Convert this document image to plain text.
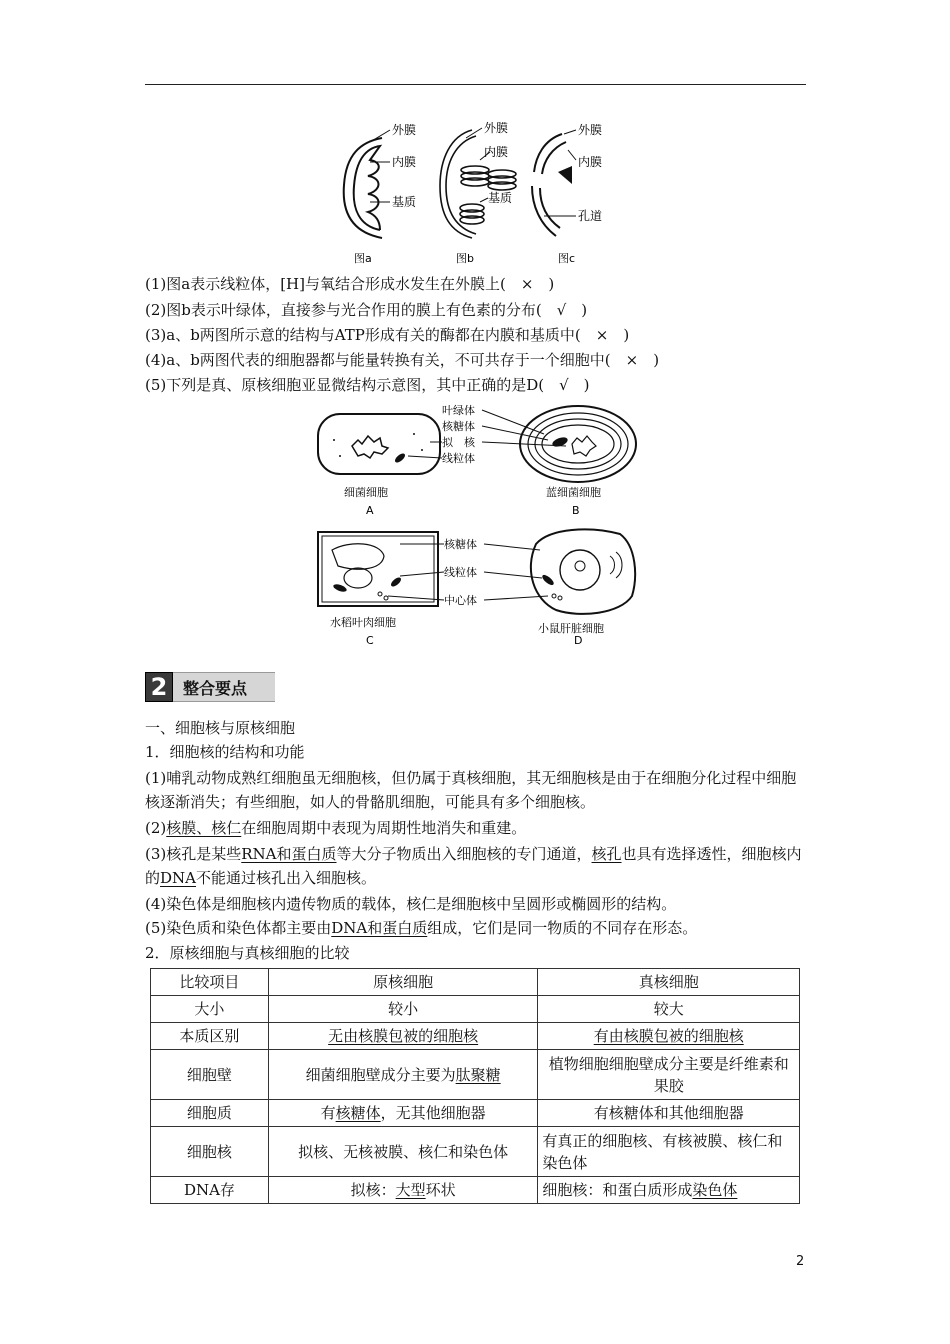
外膜
内膜
基质
图a
外膜
内膜
基质
图b
外膜
内膜
孔道
图c
(1)图a表示线粒体，[H]与氧结合形成水发生在外膜上(　×　)
(2)图b表示叶绿体，直接参与光合作用的膜上有色素的分布(　√　)
(3)a、b两图所示意的结构与ATP形成有关的酶都在内膜和基质中(　×　)
(4)a、b两图代表的细胞器都与能量转换有关，不可共存于一个细胞中(　×　)
(5)下列是真、原核细胞亚显微结构示意图，其中正确的是D(　√　)
细菌细胞
A
叶绿体
核糖体
拟　核
线粒体
蓝细菌细胞
B
水稻叶肉细胞
C
核糖体
线粒体
中心体
小鼠肝脏细胞
D
2 整合要点
一、细胞核与原核细胞
1．细胞核的结构和功能
(1)哺乳动物成熟红细胞虽无细胞核，但仍属于真核细胞，其无细胞核是由于在细胞分化过程中细胞核逐渐消失；有些细胞，如人的骨骼肌细胞，可能具有多个细胞核。
(2)核膜、核仁在细胞周期中表现为周期性地消失和重建。
(3)核孔是某些RNA和蛋白质等大分子物质出入细胞核的专门通道，核孔也具有选择透性，细胞核内的DNA不能通过核孔出入细胞核。
(4)染色体是细胞核内遗传物质的载体，核仁是细胞核中呈圆形或椭圆形的结构。
(5)染色质和染色体都主要由DNA和蛋白质组成，它们是同一物质的不同存在形态。
2．原核细胞与真核细胞的比较
比较项目	原核细胞	真核细胞
大小	较小	较大
本质区别	无由核膜包被的细胞核	有由核膜包被的细胞核
细胞壁	细菌细胞壁成分主要为肽聚糖	植物细胞细胞壁成分主要是纤维素和果胶
细胞质	有核糖体，无其他细胞器	有核糖体和其他细胞器
细胞核	拟核、无核被膜、核仁和染色体	有真正的细胞核、有核被膜、核仁和染色体
DNA存	拟核：大型环状	细胞核：和蛋白质形成染色体
2
